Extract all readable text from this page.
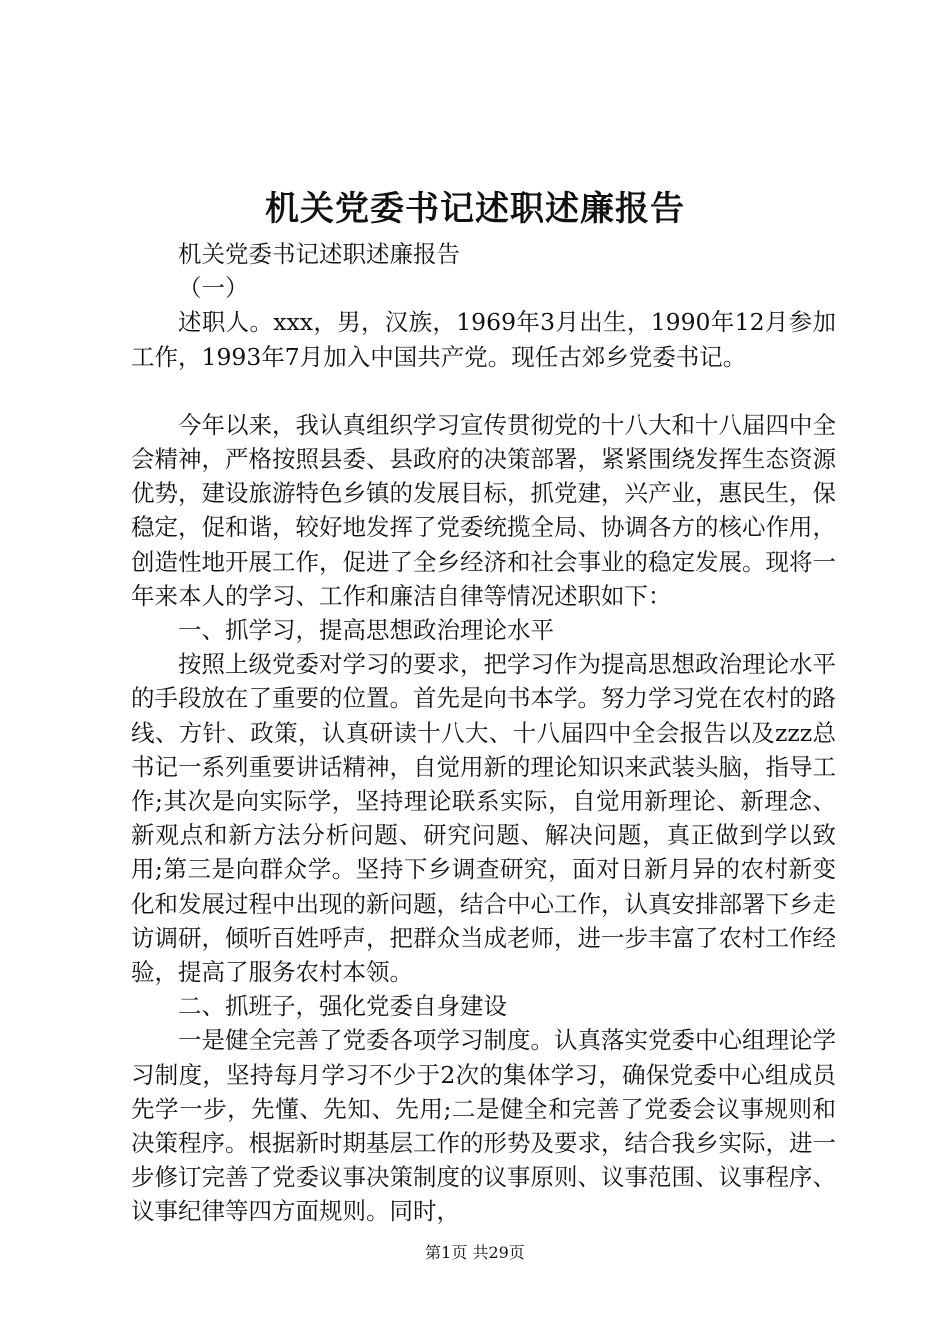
机关党委书记述职述廉报告

机关党委书记述职述廉报告

（一）

述职人。xxx，男，汉族，1969年3月出生，1990年12月参加工作，1993年7月加入中国共产党。现任古郊乡党委书记。

今年以来，我认真组织学习宣传贯彻党的十八大和十八届四中全会精神，严格按照县委、县政府的决策部署，紧紧围绕发挥生态资源优势，建设旅游特色乡镇的发展目标，抓党建，兴产业，惠民生，保稳定，促和谐，较好地发挥了党委统揽全局、协调各方的核心作用，创造性地开展工作，促进了全乡经济和社会事业的稳定发展。现将一年来本人的学习、工作和廉洁自律等情况述职如下：

一、抓学习，提高思想政治理论水平

按照上级党委对学习的要求，把学习作为提高思想政治理论水平的手段放在了重要的位置。首先是向书本学。努力学习党在农村的路线、方针、政策，认真研读十八大、十八届四中全会报告以及zzz总书记一系列重要讲话精神，自觉用新的理论知识来武装头脑，指导工作;其次是向实际学，坚持理论联系实际，自觉用新理论、新理念、新观点和新方法分析问题、研究问题、解决问题，真正做到学以致用;第三是向群众学。坚持下乡调查研究，面对日新月异的农村新变化和发展过程中出现的新问题，结合中心工作，认真安排部署下乡走访调研，倾听百姓呼声，把群众当成老师，进一步丰富了农村工作经验，提高了服务农村本领。

二、抓班子，强化党委自身建设

一是健全完善了党委各项学习制度。认真落实党委中心组理论学习制度，坚持每月学习不少于2次的集体学习，确保党委中心组成员先学一步，先懂、先知、先用;二是健全和完善了党委会议事规则和决策程序。根据新时期基层工作的形势及要求，结合我乡实际，进一步修订完善了党委议事决策制度的议事原则、议事范围、议事程序、议事纪律等四方面规则。同时，

第1页 共29页
